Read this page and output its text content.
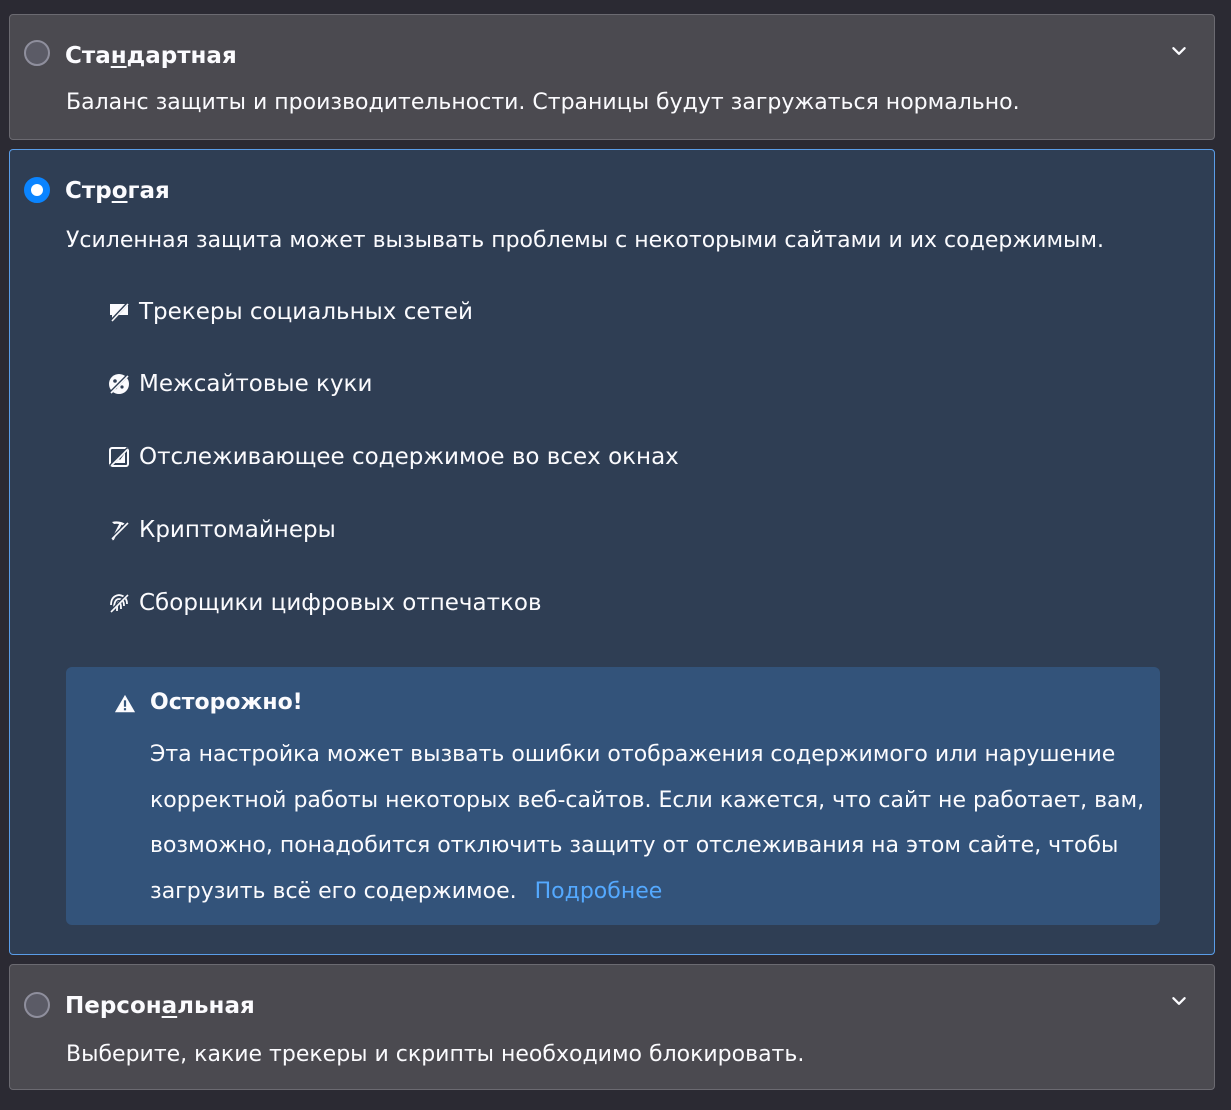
Стандартная
Баланс защиты и производительности. Страницы будут загружаться нормально.
Строгая
Усиленная защита может вызывать проблемы с некоторыми сайтами и их содержимым.
Трекеры социальных сетей
Межсайтовые куки
Отслеживающее содержимое во всех окнах
Криптомайнеры
Сборщики цифровых отпечатков
Осторожно!
Эта настройка может вызвать ошибки отображения содержимого или нарушение корректной работы некоторых веб-сайтов. Если кажется, что сайт не работает, вам, возможно, понадобится отключить защиту от отслеживания на этом сайте, чтобы загрузить всё его содержимое. Подробнее
Персональная
Выберите, какие трекеры и скрипты необходимо блокировать.
